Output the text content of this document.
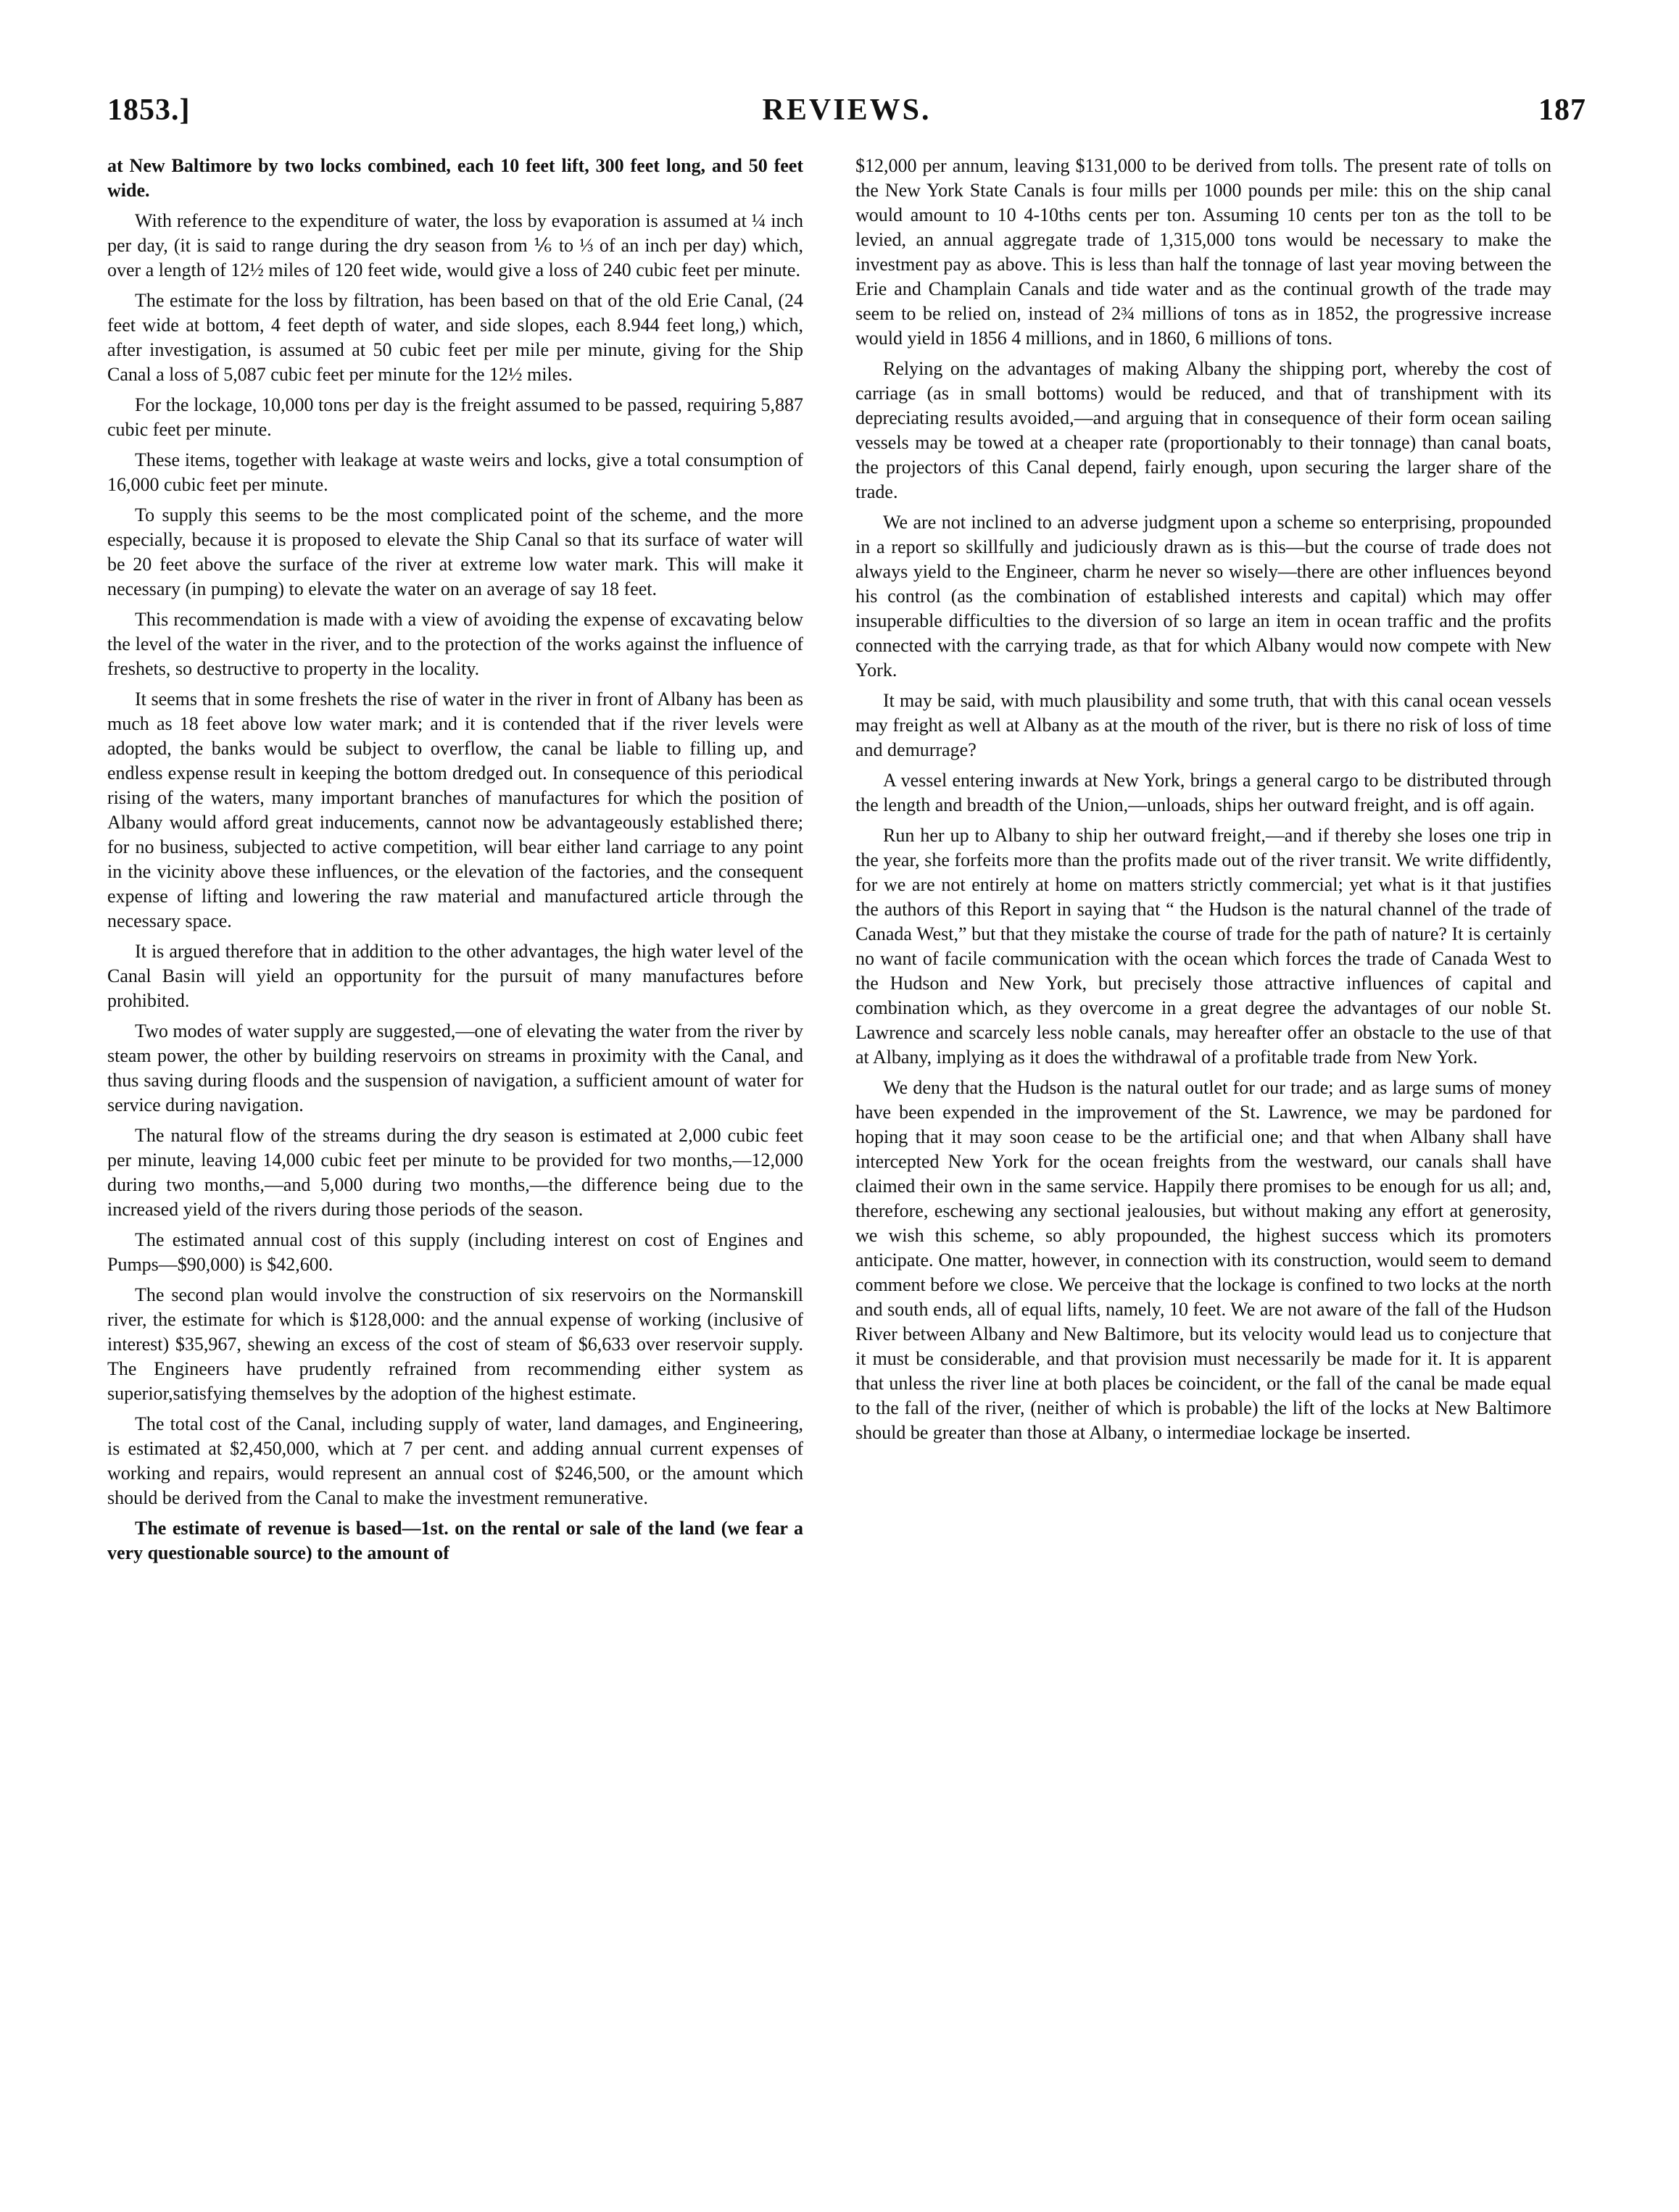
1853.]	REVIEWS.	187

at New Baltimore by two locks combined, each 10 feet lift, 300 feet long, and 50 feet wide.

With reference to the expenditure of water, the loss by evaporation is assumed at ¼ inch per day, (it is said to range during the dry season from ⅙ to ⅓ of an inch per day) which, over a length of 12½ miles of 120 feet wide, would give a loss of 240 cubic feet per minute.

The estimate for the loss by filtration, has been based on that of the old Erie Canal, (24 feet wide at bottom, 4 feet depth of water, and side slopes, each 8.944 feet long,) which, after investigation, is assumed at 50 cubic feet per mile per minute, giving for the Ship Canal a loss of 5,087 cubic feet per minute for the 12½ miles.

For the lockage, 10,000 tons per day is the freight assumed to be passed, requiring 5,887 cubic feet per minute.

These items, together with leakage at waste weirs and locks, give a total consumption of 16,000 cubic feet per minute.

To supply this seems to be the most complicated point of the scheme, and the more especially, because it is proposed to elevate the Ship Canal so that its surface of water will be 20 feet above the surface of the river at extreme low water mark. This will make it necessary (in pumping) to elevate the water on an average of say 18 feet.

This recommendation is made with a view of avoiding the expense of excavating below the level of the water in the river, and to the protection of the works against the influence of freshets, so destructive to property in the locality.

It seems that in some freshets the rise of water in the river in front of Albany has been as much as 18 feet above low water mark; and it is contended that if the river levels were adopted, the banks would be subject to overflow, the canal be liable to filling up, and endless expense result in keeping the bottom dredged out. In consequence of this periodical rising of the waters, many important branches of manufactures for which the position of Albany would afford great inducements, cannot now be advantageously established there; for no business, subjected to active competition, will bear either land carriage to any point in the vicinity above these influences, or the elevation of the factories, and the consequent expense of lifting and lowering the raw material and manufactured article through the necessary space.

It is argued therefore that in addition to the other advantages, the high water level of the Canal Basin will yield an opportunity for the pursuit of many manufactures before prohibited.

Two modes of water supply are suggested,—one of elevating the water from the river by steam power, the other by building reservoirs on streams in proximity with the Canal, and thus saving during floods and the suspension of navigation, a sufficient amount of water for service during navigation.

The natural flow of the streams during the dry season is estimated at 2,000 cubic feet per minute, leaving 14,000 cubic feet per minute to be provided for two months,—12,000 during two months,—and 5,000 during two months,—the difference being due to the increased yield of the rivers during those periods of the season.

The estimated annual cost of this supply (including interest on cost of Engines and Pumps—$90,000) is $42,600.

The second plan would involve the construction of six reservoirs on the Normanskill river, the estimate for which is $128,000: and the annual expense of working (inclusive of interest) $35,967, shewing an excess of the cost of steam of $6,633 over reservoir supply. The Engineers have prudently refrained from recommending either system as superior,satisfying themselves by the adoption of the highest estimate.

The total cost of the Canal, including supply of water, land damages, and Engineering, is estimated at $2,450,000, which at 7 per cent. and adding annual current expenses of working and repairs, would represent an annual cost of $246,500, or the amount which should be derived from the Canal to make the investment remunerative.

The estimate of revenue is based—1st. on the rental or sale of the land (we fear a very questionable source) to the amount of

$12,000 per annum, leaving $131,000 to be derived from tolls. The present rate of tolls on the New York State Canals is four mills per 1000 pounds per mile: this on the ship canal would amount to 10 4-10ths cents per ton. Assuming 10 cents per ton as the toll to be levied, an annual aggregate trade of 1,315,000 tons would be necessary to make the investment pay as above. This is less than half the tonnage of last year moving between the Erie and Champlain Canals and tide water and as the continual growth of the trade may seem to be relied on, instead of 2¾ millions of tons as in 1852, the progressive increase would yield in 1856 4 millions, and in 1860, 6 millions of tons.

Relying on the advantages of making Albany the shipping port, whereby the cost of carriage (as in small bottoms) would be reduced, and that of transhipment with its depreciating results avoided,—and arguing that in consequence of their form ocean sailing vessels may be towed at a cheaper rate (proportionably to their tonnage) than canal boats, the projectors of this Canal depend, fairly enough, upon securing the larger share of the trade.

We are not inclined to an adverse judgment upon a scheme so enterprising, propounded in a report so skillfully and judiciously drawn as is this—but the course of trade does not always yield to the Engineer, charm he never so wisely—there are other influences beyond his control (as the combination of established interests and capital) which may offer insuperable difficulties to the diversion of so large an item in ocean traffic and the profits connected with the carrying trade, as that for which Albany would now compete with New York.

It may be said, with much plausibility and some truth, that with this canal ocean vessels may freight as well at Albany as at the mouth of the river, but is there no risk of loss of time and demurrage?

A vessel entering inwards at New York, brings a general cargo to be distributed through the length and breadth of the Union,—unloads, ships her outward freight, and is off again.

Run her up to Albany to ship her outward freight,—and if thereby she loses one trip in the year, she forfeits more than the profits made out of the river transit. We write diffidently, for we are not entirely at home on matters strictly commercial; yet what is it that justifies the authors of this Report in saying that “ the Hudson is the natural channel of the trade of Canada West,” but that they mistake the course of trade for the path of nature? It is certainly no want of facile communication with the ocean which forces the trade of Canada West to the Hudson and New York, but precisely those attractive influences of capital and combination which, as they overcome in a great degree the advantages of our noble St. Lawrence and scarcely less noble canals, may hereafter offer an obstacle to the use of that at Albany, implying as it does the withdrawal of a profitable trade from New York.

We deny that the Hudson is the natural outlet for our trade; and as large sums of money have been expended in the improvement of the St. Lawrence, we may be pardoned for hoping that it may soon cease to be the artificial one; and that when Albany shall have intercepted New York for the ocean freights from the westward, our canals shall have claimed their own in the same service. Happily there promises to be enough for us all; and, therefore, eschewing any sectional jealousies, but without making any effort at generosity, we wish this scheme, so ably propounded, the highest success which its promoters anticipate. One matter, however, in connection with its construction, would seem to demand comment before we close. We perceive that the lockage is confined to two locks at the north and south ends, all of equal lifts, namely, 10 feet. We are not aware of the fall of the Hudson River between Albany and New Baltimore, but its velocity would lead us to conjecture that it must be considerable, and that provision must necessarily be made for it. It is apparent that unless the river line at both places be coincident, or the fall of the canal be made equal to the fall of the river, (neither of which is probable) the lift of the locks at New Baltimore should be greater than those at Albany, o intermediae lockage be inserted.
